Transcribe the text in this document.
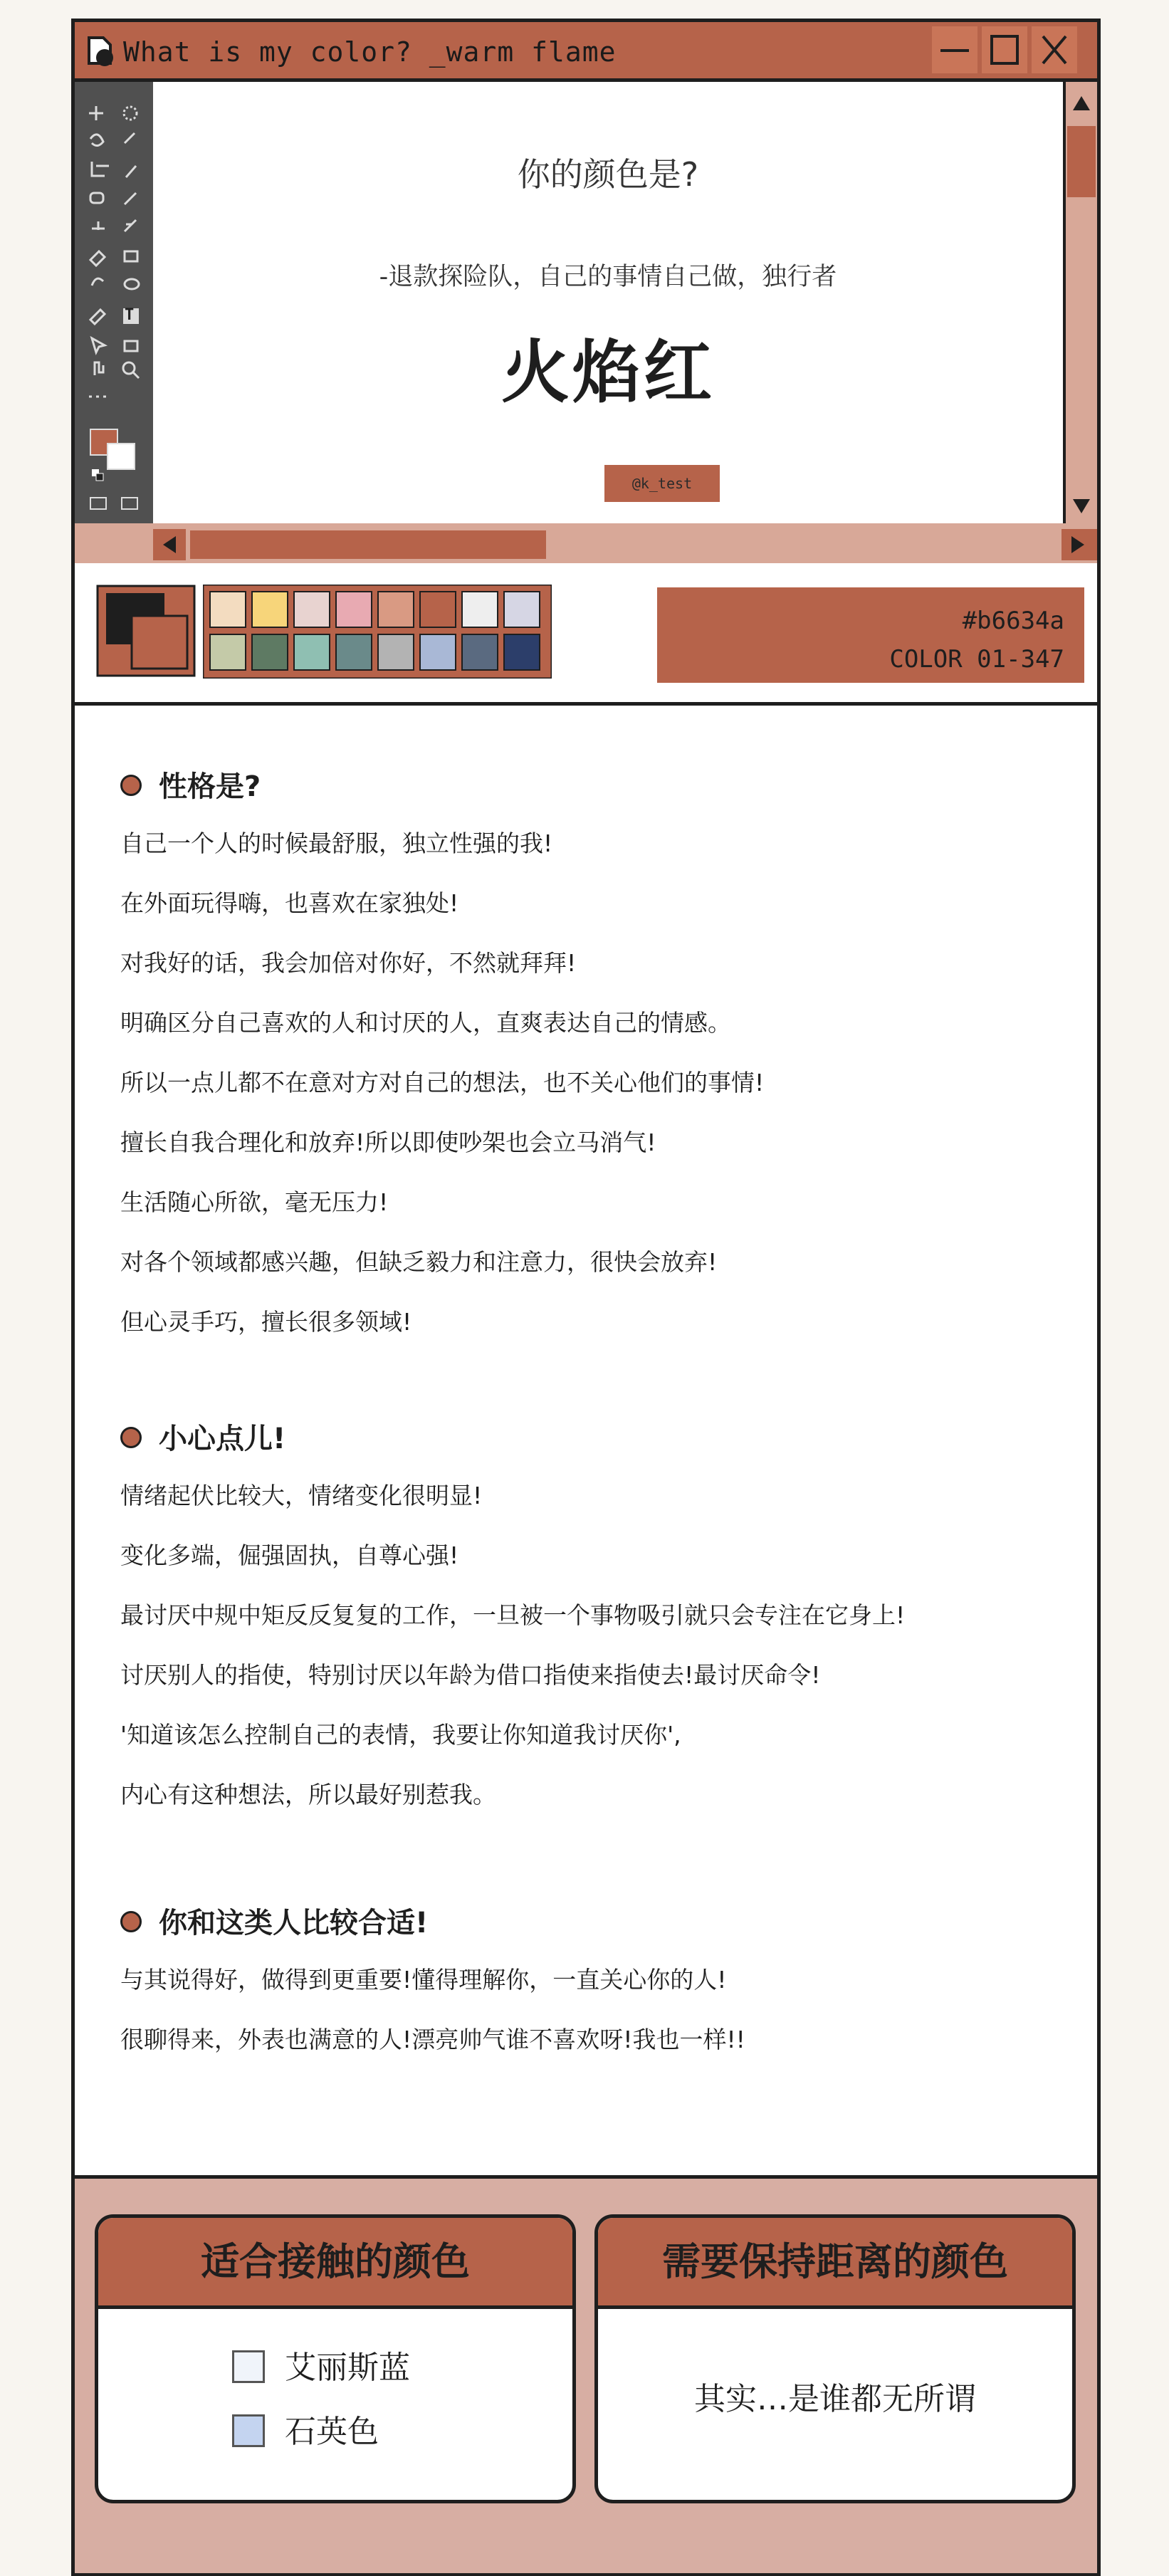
What is my color? _warm flame
T
你的颜色是?
-退款探险队，自己的事情自己做，独行者
火焰红
@k_test
#b6634a
COLOR 01-347
性格是?
自己一个人的时候最舒服，独立性强的我!
在外面玩得嗨，也喜欢在家独处!
对我好的话，我会加倍对你好，不然就拜拜!
明确区分自己喜欢的人和讨厌的人，直爽表达自己的情感。
所以一点儿都不在意对方对自己的想法，也不关心他们的事情!
擅长自我合理化和放弃!所以即使吵架也会立马消气!
生活随心所欲，毫无压力!
对各个领域都感兴趣，但缺乏毅力和注意力，很快会放弃!
但心灵手巧，擅长很多领域!
小心点儿!
情绪起伏比较大，情绪变化很明显!
变化多端，倔强固执，自尊心强!
最讨厌中规中矩反反复复的工作，一旦被一个事物吸引就只会专注在它身上!
讨厌别人的指使，特别讨厌以年龄为借口指使来指使去!最讨厌命令!
'知道该怎么控制自己的表情，我要让你知道我讨厌你',
内心有这种想法，所以最好别惹我。
你和这类人比较合适!
与其说得好，做得到更重要!懂得理解你，一直关心你的人!
很聊得来，外表也满意的人!漂亮帅气谁不喜欢呀!我也一样!!
适合接触的颜色
艾丽斯蓝
石英色
需要保持距离的颜色
其实…是谁都无所谓
